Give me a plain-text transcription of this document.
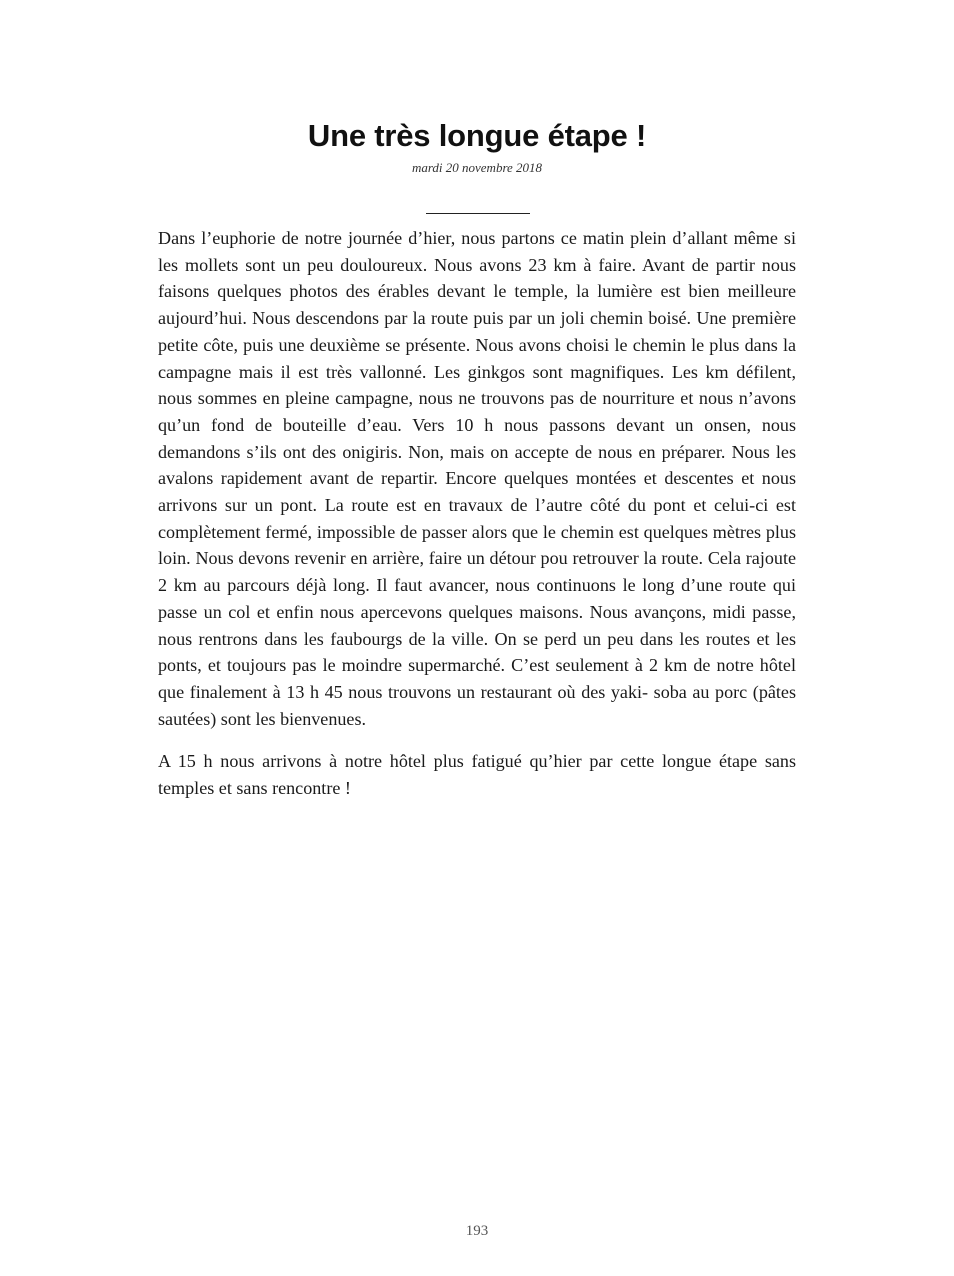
Une très longue étape !
mardi 20 novembre 2018

Dans l’euphorie de notre journée d’hier, nous partons ce matin plein d’allant même si les mollets sont un peu douloureux. Nous avons 23 km à faire. Avant de partir nous faisons quelques photos des érables devant le temple, la lumière est bien meilleure aujourd’hui. Nous descendons par la route puis par un joli chemin boisé. Une première petite côte, puis une deuxième se présente. Nous avons choisi le chemin le plus dans la campagne mais il est très vallonné. Les ginkgos sont magnifiques. Les km défilent, nous sommes en pleine campagne, nous ne trouvons pas de nourriture et nous n’avons qu’un fond de bouteille d’eau. Vers 10 h nous passons devant un onsen, nous demandons s’ils ont des onigiris. Non, mais on accepte de nous en préparer. Nous les avalons rapidement avant de repartir. Encore quelques montées et descentes et nous arrivons sur un pont. La route est en travaux de l’autre côté du pont et celui-ci est complètement fermé, impossible de passer alors que le chemin est quelques mètres plus loin. Nous devons revenir en arrière, faire un détour pou retrouver la route. Cela rajoute 2 km au parcours déjà long. Il faut avancer, nous continuons le long d’une route qui passe un col et enfin nous apercevons quelques maisons. Nous avançons, midi passe, nous rentrons dans les faubourgs de la ville. On se perd un peu dans les routes et les ponts, et toujours pas le moindre supermarché. C’est seulement à 2 km de notre hôtel que finalement à 13 h 45 nous trouvons un restaurant où des yaki- soba au porc (pâtes sautées) sont les bienvenues.

A 15 h nous arrivons à notre hôtel plus fatigué qu’hier par cette longue étape sans temples et sans rencontre !

193
